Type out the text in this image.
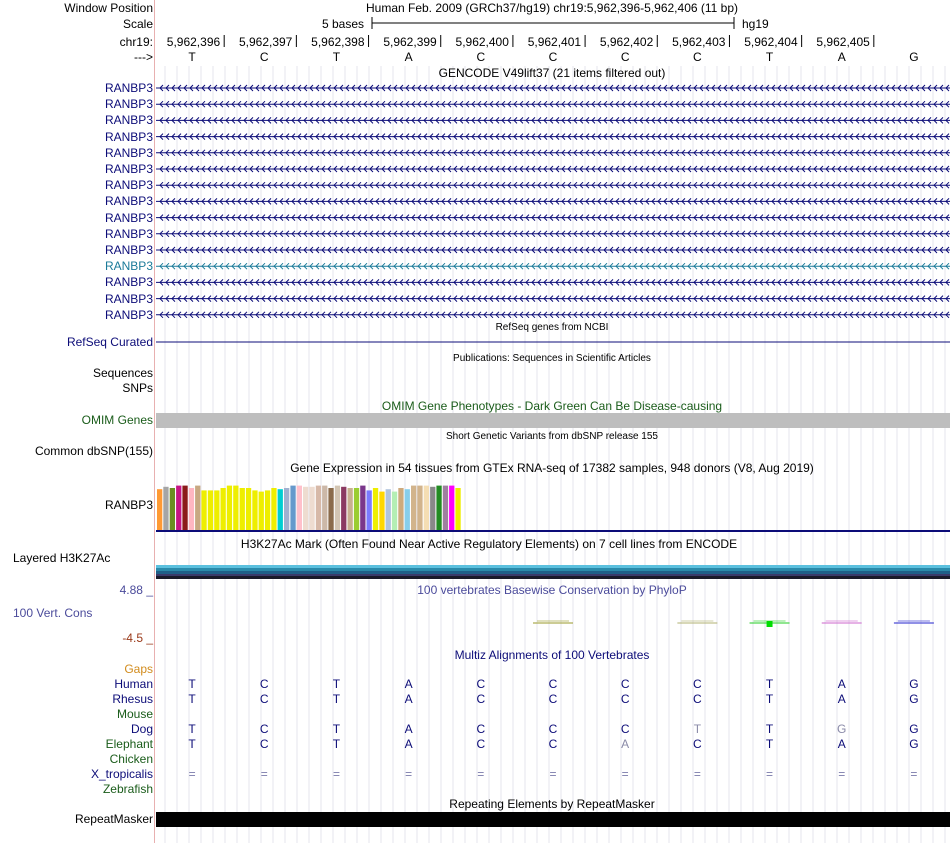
Window Position	Human Feb. 2009 (GRCh37/hg19) chr19:5,962,396-5,962,406 (11 bp)
Scale	5 bases	hg19
chr19:
--->
5,962,396 5,962,397 5,962,398 5,962,399 5,962,400 5,962,401 5,962,402 5,962,403 5,962,404 5,962,405
T	C	T	A	C	C	C	C	T	A	G
GENCODE V49lift37 (21 items filtered out)
RANBP3
RANBP3
RANBP3
RANBP3
RANBP3
RANBP3
RANBP3
RANBP3
RANBP3
RANBP3
RANBP3
RANBP3
RANBP3
RANBP3
RANBP3
RefSeq genes from NCBI
RefSeq Curated
Publications: Sequences in Scientific Articles
Sequences
SNPs
OMIM Gene Phenotypes - Dark Green Can Be Disease-causing
OMIM Genes
Short Genetic Variants from dbSNP release 155
Common dbSNP(155)
Gene Expression in 54 tissues from GTEx RNA-seq of 17382 samples, 948 donors (V8, Aug 2019)
RANBP3
H3K27Ac Mark (Often Found Near Active Regulatory Elements) on 7 cell lines from ENCODE
Layered H3K27Ac
100 vertebrates Basewise Conservation by PhyloP
4.88 _
100 Vert. Cons
-4.5 _
Multiz Alignments of 100 Vertebrates
Gaps
Human	T	C	T	A	C	C	C	C	T	A	G
Rhesus	T	C	T	A	C	C	C	C	T	A	G
Mouse
Dog	T	C	T	A	C	C	C	T	T	G	G
Elephant	T	C	T	A	C	C	A	C	T	A	G
Chicken
X_tropicalis	=	=	=	=	=	=	=	=	=	=	=
Zebrafish
Repeating Elements by RepeatMasker
RepeatMasker
